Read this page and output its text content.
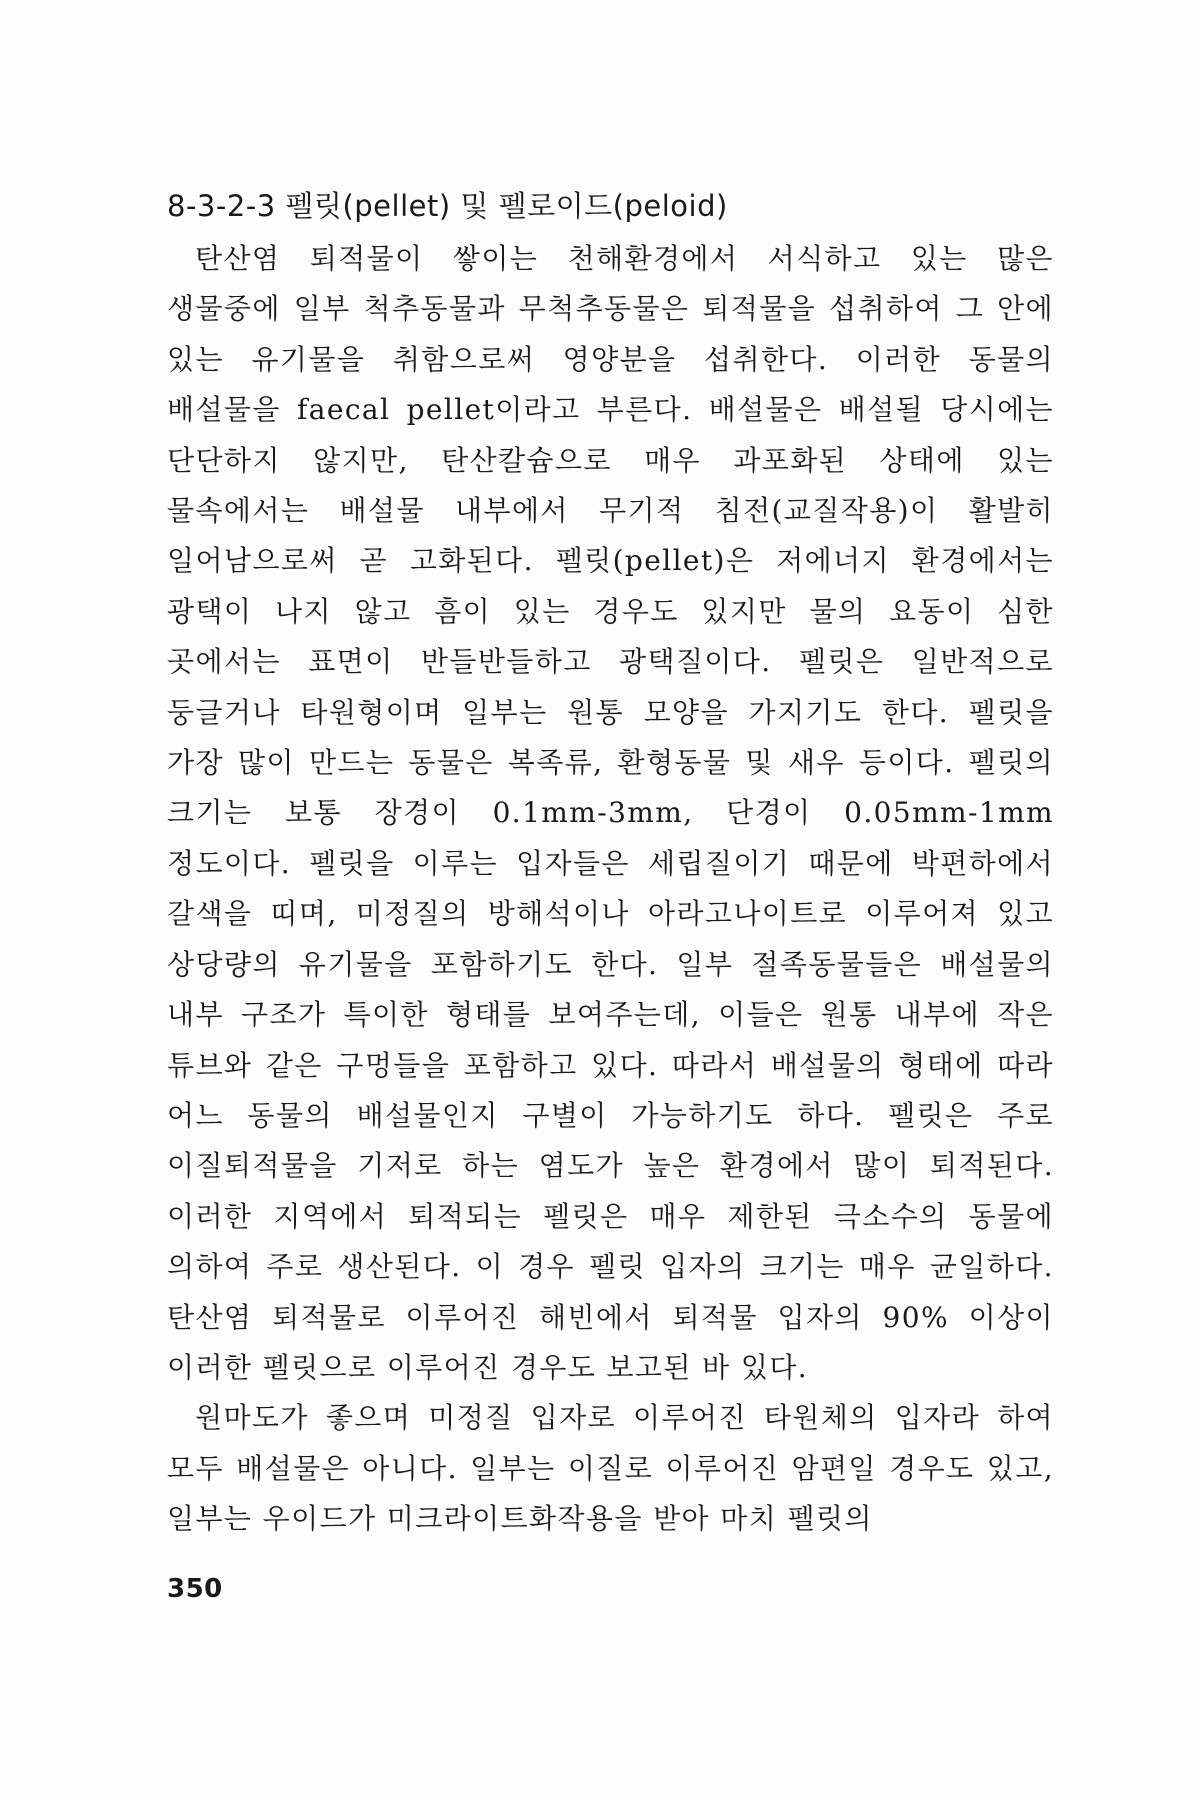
8-3-2-3 펠릿(pellet) 및 펠로이드(peloid)

탄산염 퇴적물이 쌓이는 천해환경에서 서식하고 있는 많은 생물중에 일부 척추동물과 무척추동물은 퇴적물을 섭취하여 그 안에 있는 유기물을 취함으로써 영양분을 섭취한다. 이러한 동물의 배설물을 faecal pellet이라고 부른다. 배설물은 배설될 당시에는 단단하지 않지만, 탄산칼슘으로 매우 과포화된 상태에 있는 물속에서는 배설물 내부에서 무기적 침전(교질작용)이 활발히 일어남으로써 곧 고화된다. 펠릿(pellet)은 저에너지 환경에서는 광택이 나지 않고 흠이 있는 경우도 있지만 물의 요동이 심한 곳에서는 표면이 반들반들하고 광택질이다. 펠릿은 일반적으로 둥글거나 타원형이며 일부는 원통 모양을 가지기도 한다. 펠릿을 가장 많이 만드는 동물은 복족류, 환형동물 및 새우 등이다. 펠릿의 크기는 보통 장경이 0.1mm-3mm, 단경이 0.05mm-1mm 정도이다. 펠릿을 이루는 입자들은 세립질이기 때문에 박편하에서 갈색을 띠며, 미정질의 방해석이나 아라고나이트로 이루어져 있고 상당량의 유기물을 포함하기도 한다. 일부 절족동물들은 배설물의 내부 구조가 특이한 형태를 보여주는데, 이들은 원통 내부에 작은 튜브와 같은 구멍들을 포함하고 있다. 따라서 배설물의 형태에 따라 어느 동물의 배설물인지 구별이 가능하기도 하다. 펠릿은 주로 이질퇴적물을 기저로 하는 염도가 높은 환경에서 많이 퇴적된다. 이러한 지역에서 퇴적되는 펠릿은 매우 제한된 극소수의 동물에 의하여 주로 생산된다. 이 경우 펠릿 입자의 크기는 매우 균일하다. 탄산염 퇴적물로 이루어진 해빈에서 퇴적물 입자의 90% 이상이 이러한 펠릿으로 이루어진 경우도 보고된 바 있다.

원마도가 좋으며 미정질 입자로 이루어진 타원체의 입자라 하여 모두 배설물은 아니다. 일부는 이질로 이루어진 암편일 경우도 있고, 일부는 우이드가 미크라이트화작용을 받아 마치 펠릿의

350
